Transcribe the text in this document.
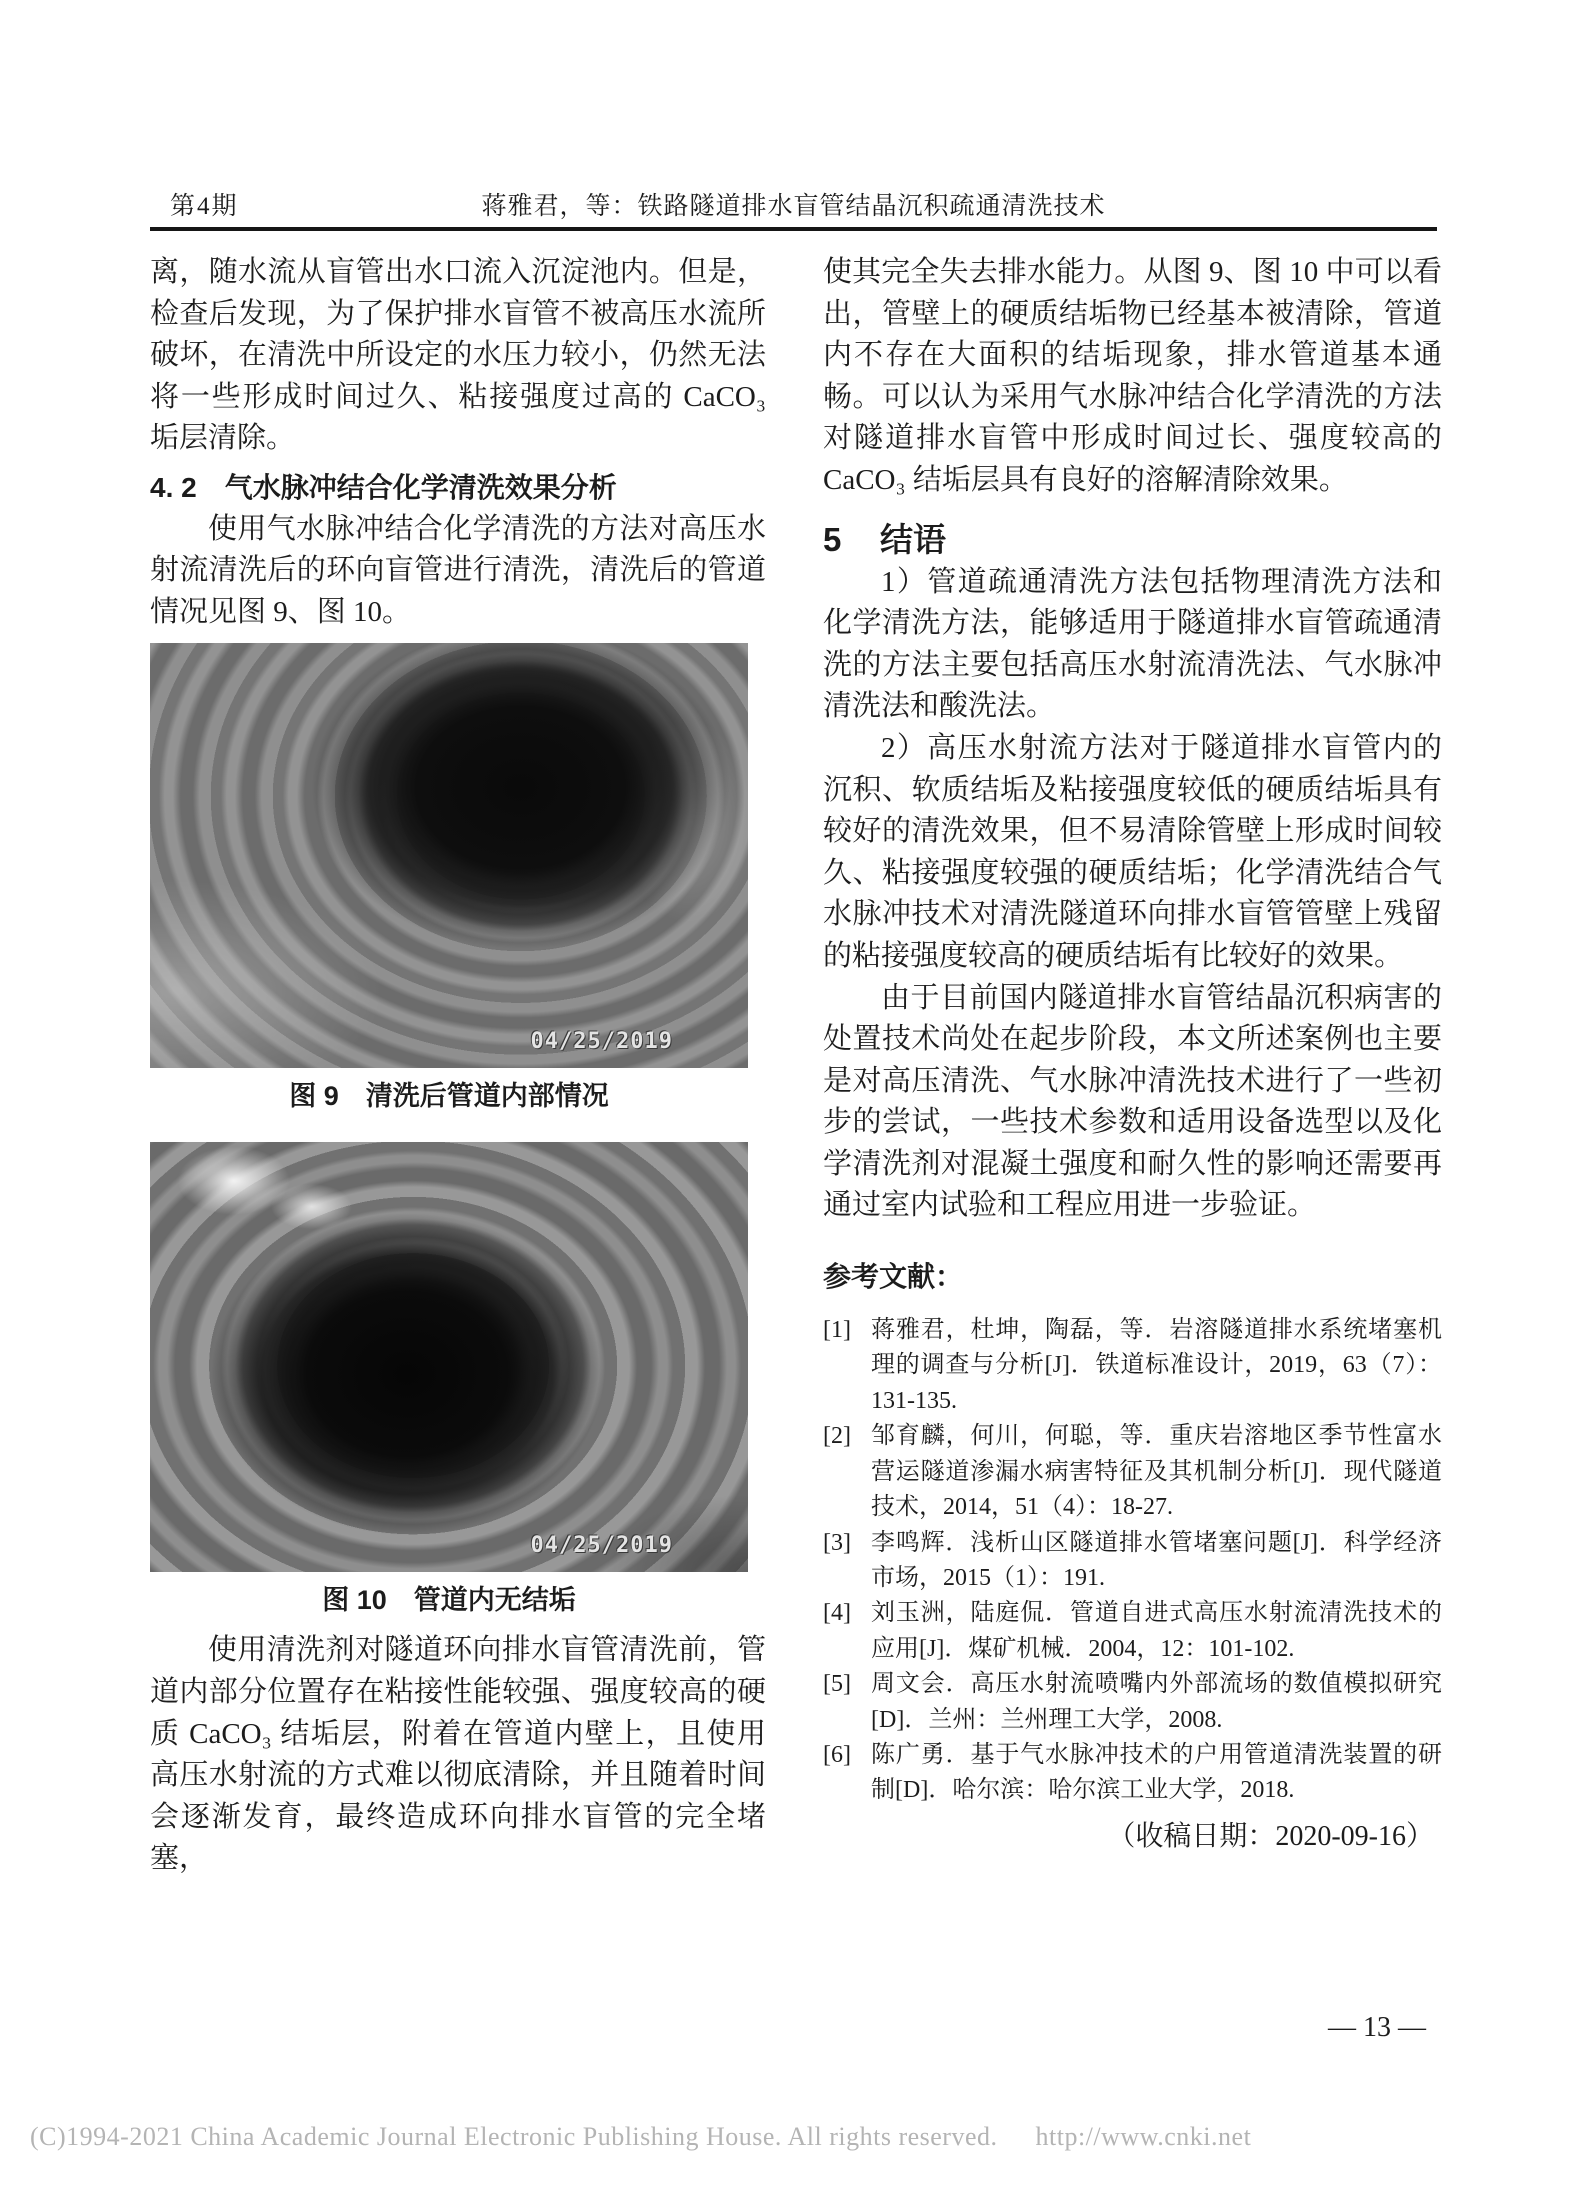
第4期	蒋雅君，等：铁路隧道排水盲管结晶沉积疏通清洗技术

离，随水流从盲管出水口流入沉淀池内。但是，检查后发现，为了保护排水盲管不被高压水流所破坏，在清洗中所设定的水压力较小，仍然无法将一些形成时间过久、粘接强度过高的 CaCO₃ 垢层清除。

4. 2　气水脉冲结合化学清洗效果分析

使用气水脉冲结合化学清洗的方法对高压水射流清洗后的环向盲管进行清洗，清洗后的管道情况见图 9、图 10。

04/25/2019
图 9　清洗后管道内部情况
04/25/2019
图 10　管道内无结垢

使用清洗剂对隧道环向排水盲管清洗前，管道内部分位置存在粘接性能较强、强度较高的硬质 CaCO₃ 结垢层，附着在管道内壁上，且使用高压水射流的方式难以彻底清除，并且随着时间会逐渐发育，最终造成环向排水盲管的完全堵塞，

使其完全失去排水能力。从图 9、图 10 中可以看出，管壁上的硬质结垢物已经基本被清除，管道内不存在大面积的结垢现象，排水管道基本通畅。可以认为采用气水脉冲结合化学清洗的方法对隧道排水盲管中形成时间过长、强度较高的 CaCO₃ 结垢层具有良好的溶解清除效果。

5 结语

1）管道疏通清洗方法包括物理清洗方法和化学清洗方法，能够适用于隧道排水盲管疏通清洗的方法主要包括高压水射流清洗法、气水脉冲清洗法和酸洗法。

2）高压水射流方法对于隧道排水盲管内的沉积、软质结垢及粘接强度较低的硬质结垢具有较好的清洗效果，但不易清除管壁上形成时间较久、粘接强度较强的硬质结垢；化学清洗结合气水脉冲技术对清洗隧道环向排水盲管管壁上残留的粘接强度较高的硬质结垢有比较好的效果。

由于目前国内隧道排水盲管结晶沉积病害的处置技术尚处在起步阶段，本文所述案例也主要是对高压清洗、气水脉冲清洗技术进行了一些初步的尝试，一些技术参数和适用设备选型以及化学清洗剂对混凝土强度和耐久性的影响还需要再通过室内试验和工程应用进一步验证。

参考文献：
[1] 蒋雅君，杜坤，陶磊，等．岩溶隧道排水系统堵塞机理的调查与分析[J]．铁道标准设计，2019，63（7）：131-135.
[2] 邹育麟，何川，何聪，等．重庆岩溶地区季节性富水营运隧道渗漏水病害特征及其机制分析[J]．现代隧道技术，2014，51（4）：18-27.
[3] 李鸣辉．浅析山区隧道排水管堵塞问题[J]．科学经济市场，2015（1）：191.
[4] 刘玉洲，陆庭侃．管道自进式高压水射流清洗技术的应用[J]．煤矿机械．2004，12：101-102.
[5] 周文会．高压水射流喷嘴内外部流场的数值模拟研究[D]．兰州：兰州理工大学，2008.
[6] 陈广勇．基于气水脉冲技术的户用管道清洗装置的研制[D]．哈尔滨：哈尔滨工业大学，2018.

（收稿日期：2020-09-16）

— 13 —
(C)1994-2021 China Academic Journal Electronic Publishing House. All rights reserved. http://www.cnki.net
